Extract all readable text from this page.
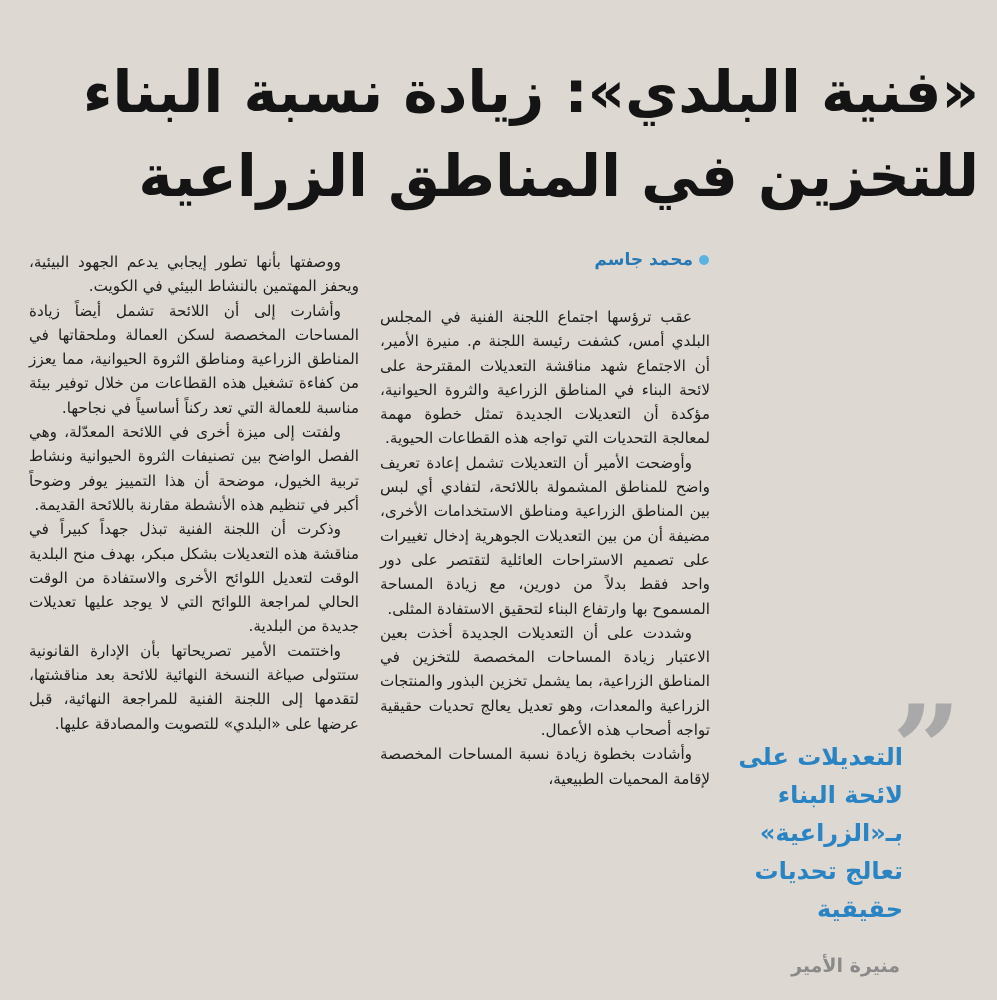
«فنية البلدي»: زيادة نسبة البناء
للتخزين في المناطق الزراعية
محمد جاسم

عقب ترؤسها اجتماع اللجنة الفنية في المجلس البلدي أمس، كشفت رئيسة اللجنة م. منيرة الأمير، أن الاجتماع شهد مناقشة التعديلات المقترحة على لائحة البناء في المناطق الزراعية والثروة الحيوانية، مؤكدة أن التعديلات الجديدة تمثل خطوة مهمة لمعالجة التحديات التي تواجه هذه القطاعات الحيوية.

وأوضحت الأمير أن التعديلات تشمل إعادة تعريف واضح للمناطق المشمولة باللائحة، لتفادي أي لبس بين المناطق الزراعية ومناطق الاستخدامات الأخرى، مضيفة أن من بين التعديلات الجوهرية إدخال تغييرات على تصميم الاستراحات العائلية لتقتصر على دور واحد فقط بدلاً من دورين، مع زيادة المساحة المسموح بها وارتفاع البناء لتحقيق الاستفادة المثلى.

وشددت على أن التعديلات الجديدة أخذت بعين الاعتبار زيادة المساحات المخصصة للتخزين في المناطق الزراعية، بما يشمل تخزين البذور والمنتجات الزراعية والمعدات، وهو تعديل يعالج تحديات حقيقية تواجه أصحاب هذه الأعمال.

وأشادت بخطوة زيادة نسبة المساحات المخصصة لإقامة المحميات الطبيعية،

ووصفتها بأنها تطور إيجابي يدعم الجهود البيئية، ويحفز المهتمين بالنشاط البيئي في الكويت.

وأشارت إلى أن اللائحة تشمل أيضاً زيادة المساحات المخصصة لسكن العمالة وملحقاتها في المناطق الزراعية ومناطق الثروة الحيوانية، مما يعزز من كفاءة تشغيل هذه القطاعات من خلال توفير بيئة مناسبة للعمالة التي تعد ركناً أساسياً في نجاحها.

ولفتت إلى ميزة أخرى في اللائحة المعدّلة، وهي الفصل الواضح بين تصنيفات الثروة الحيوانية ونشاط تربية الخيول، موضحة أن هذا التمييز يوفر وضوحاً أكبر في تنظيم هذه الأنشطة مقارنة باللائحة القديمة.

وذكرت أن اللجنة الفنية تبذل جهداً كبيراً في مناقشة هذه التعديلات بشكل مبكر، بهدف منح البلدية الوقت لتعديل اللوائح الأخرى والاستفادة من الوقت الحالي لمراجعة اللوائح التي لا يوجد عليها تعديلات جديدة من البلدية.

واختتمت الأمير تصريحاتها بأن الإدارة القانونية ستتولى صياغة النسخة النهائية للائحة بعد مناقشتها، لتقدمها إلى اللجنة الفنية للمراجعة النهائية، قبل عرضها على «البلدي» للتصويت والمصادقة عليها.	”
التعديلات على لائحة البناء بـ«الزراعية» تعالج تحديات حقيقية
منيرة الأمير
